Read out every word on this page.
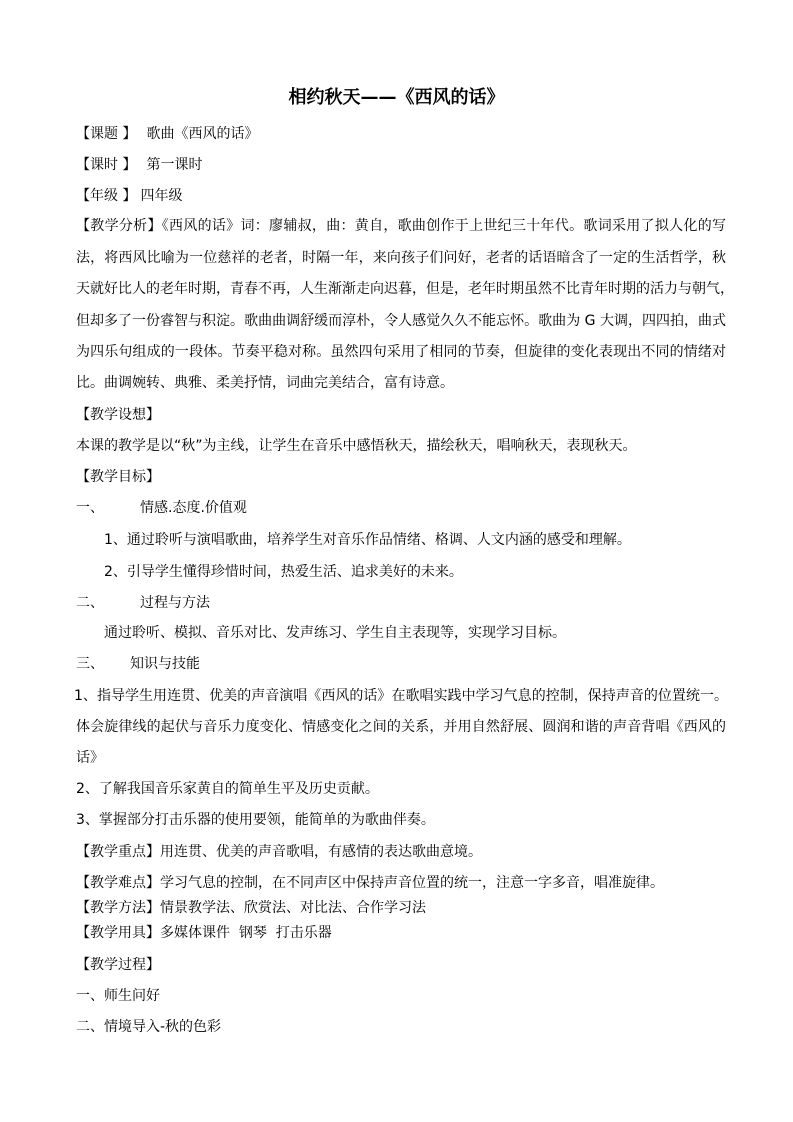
相约秋天——《西风的话》
【课题 】 歌曲《西风的话》
【课时 】 第一课时
【年级 】 四年级
【教学分析】《西风的话》词：廖辅叔，曲：黄自，歌曲创作于上世纪三十年代。歌词采用了拟人化的写
法，将西风比喻为一位慈祥的老者，时隔一年，来向孩子们问好，老者的话语暗含了一定的生活哲学，秋
天就好比人的老年时期，青春不再，人生渐渐走向迟暮，但是，老年时期虽然不比青年时期的活力与朝气，
但却多了一份睿智与积淀。歌曲曲调舒缓而淳朴，令人感觉久久不能忘怀。歌曲为 G 大调，四四拍，曲式
为四乐句组成的一段体。节奏平稳对称。虽然四句采用了相同的节奏，但旋律的变化表现出不同的情绪对
比。曲调婉转、典雅、柔美抒情，词曲完美结合，富有诗意。
【教学设想】
本课的教学是以“秋”为主线，让学生在音乐中感悟秋天，描绘秋天，唱响秋天，表现秋天。
【教学目标】
一、	情感.态度.价值观
1、通过聆听与演唱歌曲，培养学生对音乐作品情绪、格调、人文内涵的感受和理解。
2、引导学生懂得珍惜时间，热爱生活、追求美好的未来。
二、	过程与方法
通过聆听、模拟、音乐对比、发声练习、学生自主表现等，实现学习目标。
三、 知识与技能
1、指导学生用连贯、优美的声音演唱《西风的话》在歌唱实践中学习气息的控制，保持声音的位置统一。
体会旋律线的起伏与音乐力度变化、情感变化之间的关系，并用自然舒展、圆润和谐的声音背唱《西风的
话》
2、了解我国音乐家黄自的简单生平及历史贡献。
3、掌握部分打击乐器的使用要领，能简单的为歌曲伴奏。
【教学重点】用连贯、优美的声音歌唱，有感情的表达歌曲意境。
【教学难点】学习气息的控制，在不同声区中保持声音位置的统一，注意一字多音，唱准旋律。
【教学方法】情景教学法、欣赏法、对比法、合作学习法
【教学用具】多媒体课件  钢琴  打击乐器
【教学过程】
一、师生问好
二、情境导入-秋的色彩
